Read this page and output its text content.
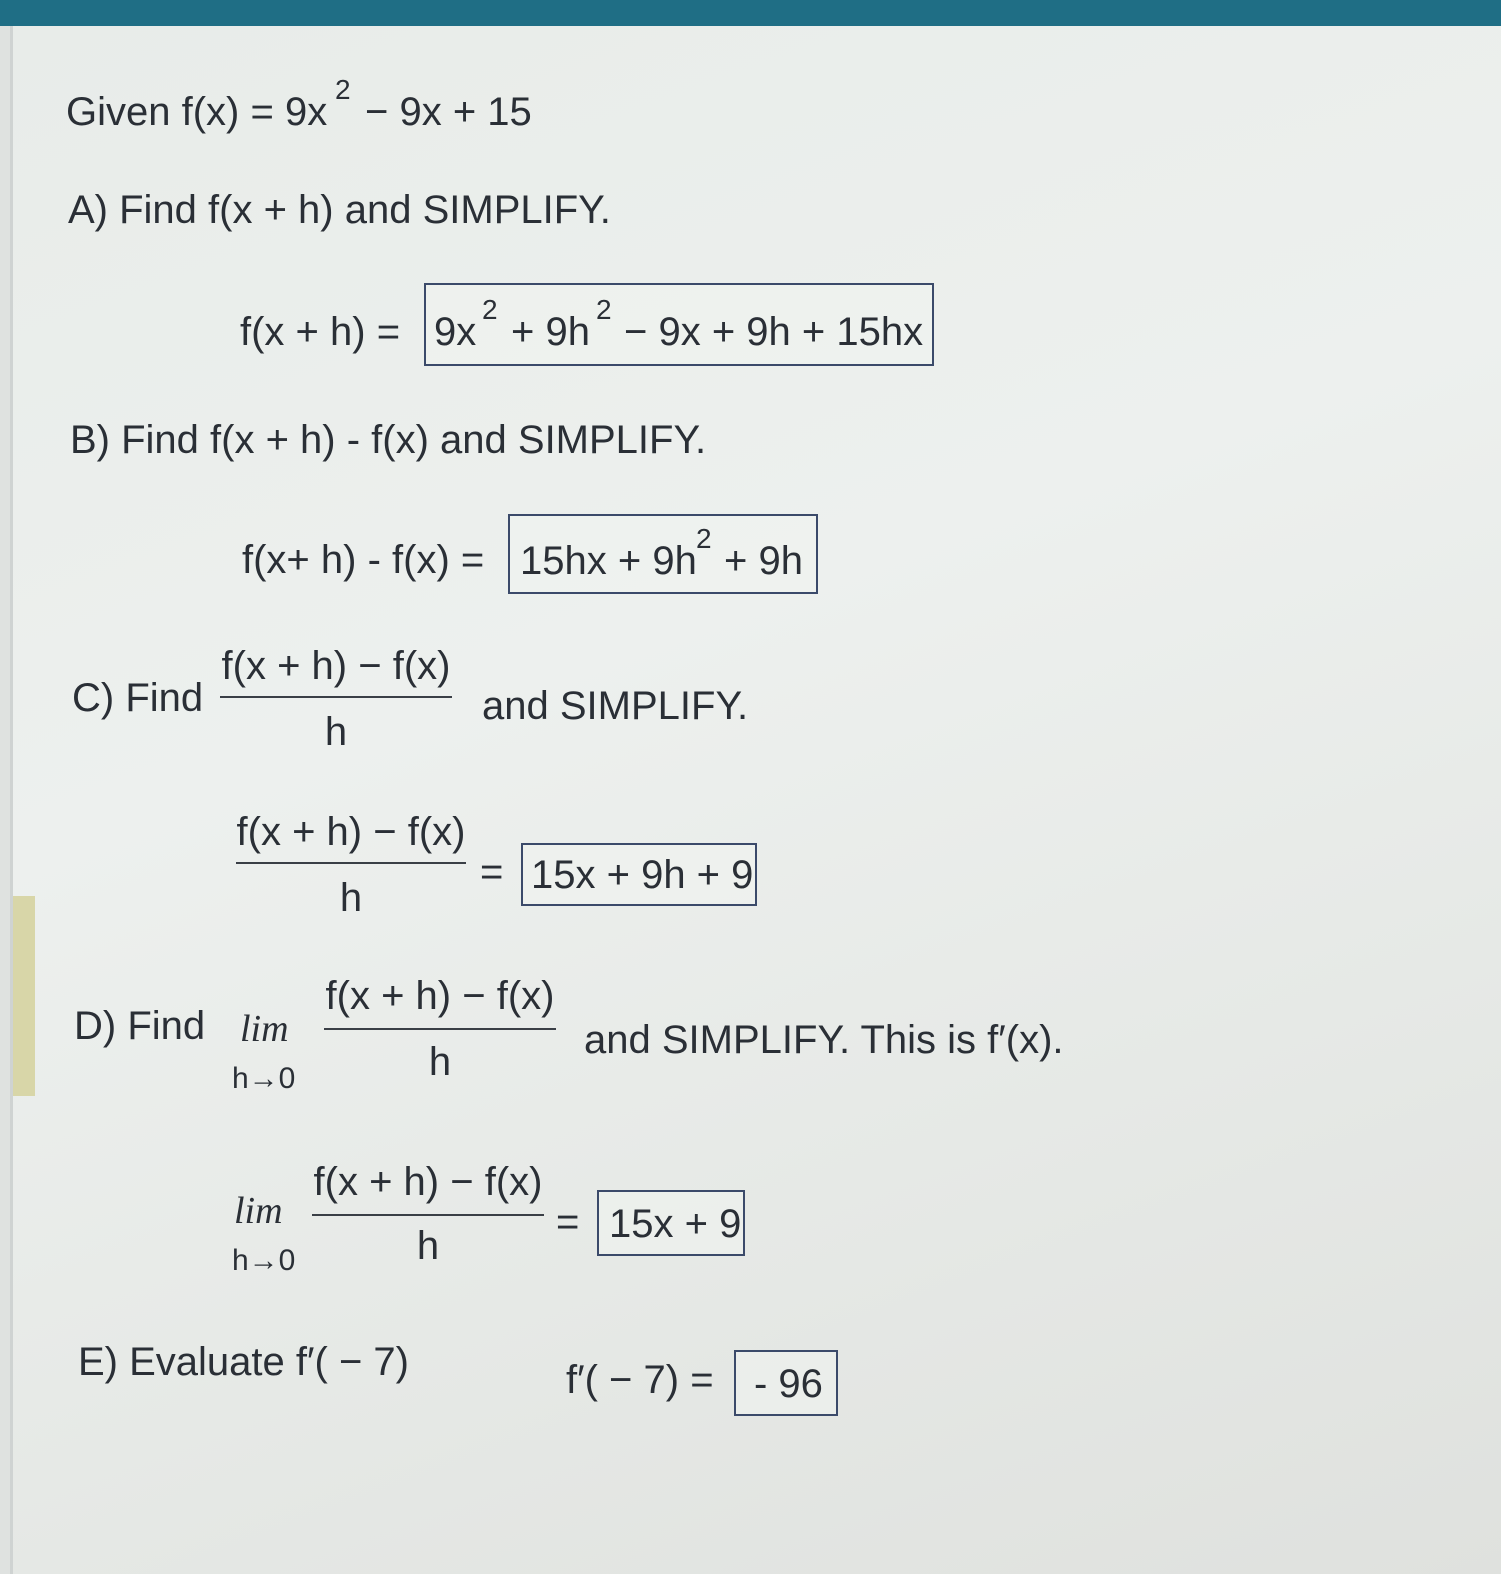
Given f(x) = 9x
2
− 9x + 15
A) Find f(x + h) and SIMPLIFY.
f(x + h) = 9x
2
+ 9h
2
− 9x + 9h + 15hx
B) Find f(x + h) - f(x) and SIMPLIFY.
f(x+ h) - f(x) = 15hx + 9h
2
+ 9h
C) Find
f(x + h) − f(x)
h
and SIMPLIFY.
f(x + h) − f(x)
h
= 15x + 9h + 9
D) Find lim
h→0
f(x + h) − f(x)
h	and SIMPLIFY. This is f′(x).
lim
h→0
f(x + h) − f(x)
h
= 15x + 9
E) Evaluate f′( − 7)	f′( − 7) = - 96
